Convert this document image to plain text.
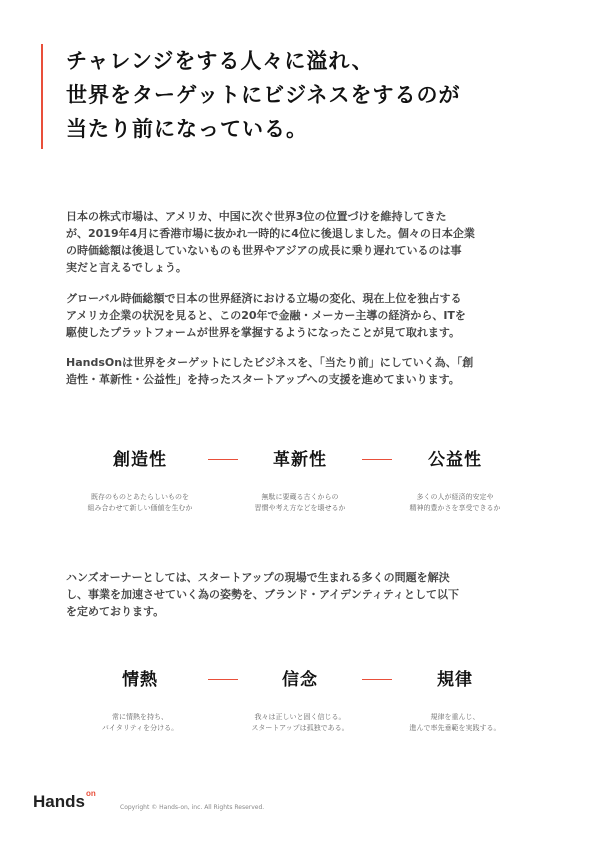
チャレンジをする人々に溢れ、
世界をターゲットにビジネスをするのが
当たり前になっている。

日本の株式市場は、アメリカ、中国に次ぐ世界3位の位置づけを維持してきた
が、2019年4月に香港市場に抜かれ一時的に4位に後退しました。個々の日本企業
の時価総額は後退していないものも世界やアジアの成長に乗り遅れているのは事
実だと言えるでしょう。

グローバル時価総額で日本の世界経済における立場の変化、現在上位を独占する
アメリカ企業の状況を見ると、この20年で金融・メーカー主導の経済から、ITを
駆使したプラットフォームが世界を掌握するようになったことが見て取れます。

HandsOnは世界をターゲットにしたビジネスを、「当たり前」にしていく為、「創
造性・革新性・公益性」を持ったスタートアップへの支援を進めてまいります。

創造性

既存のものとあたらしいものを
組み合わせて新しい価値を生むか

革新性

無駄に要蔵る古くからの
習慣や考え方などを壊せるか

公益性

多くの人が経済的安定や
精神的豊かさを享受できるか

ハンズオーナーとしては、スタートアップの現場で生まれる多くの問題を解決
し、事業を加速させていく為の姿勢を、ブランド・アイデンティティとして以下
を定めております。

情熱

常に情熱を持ち、
バイタリティを分ける。

信念

我々は正しいと固く信じる。
スタートアップは孤独である。

規律

規律を重んじ、
進んで率先垂範を実践する。

Hands$^{on}$
Copyright © Hands-on, inc. All Rights Reserved.
